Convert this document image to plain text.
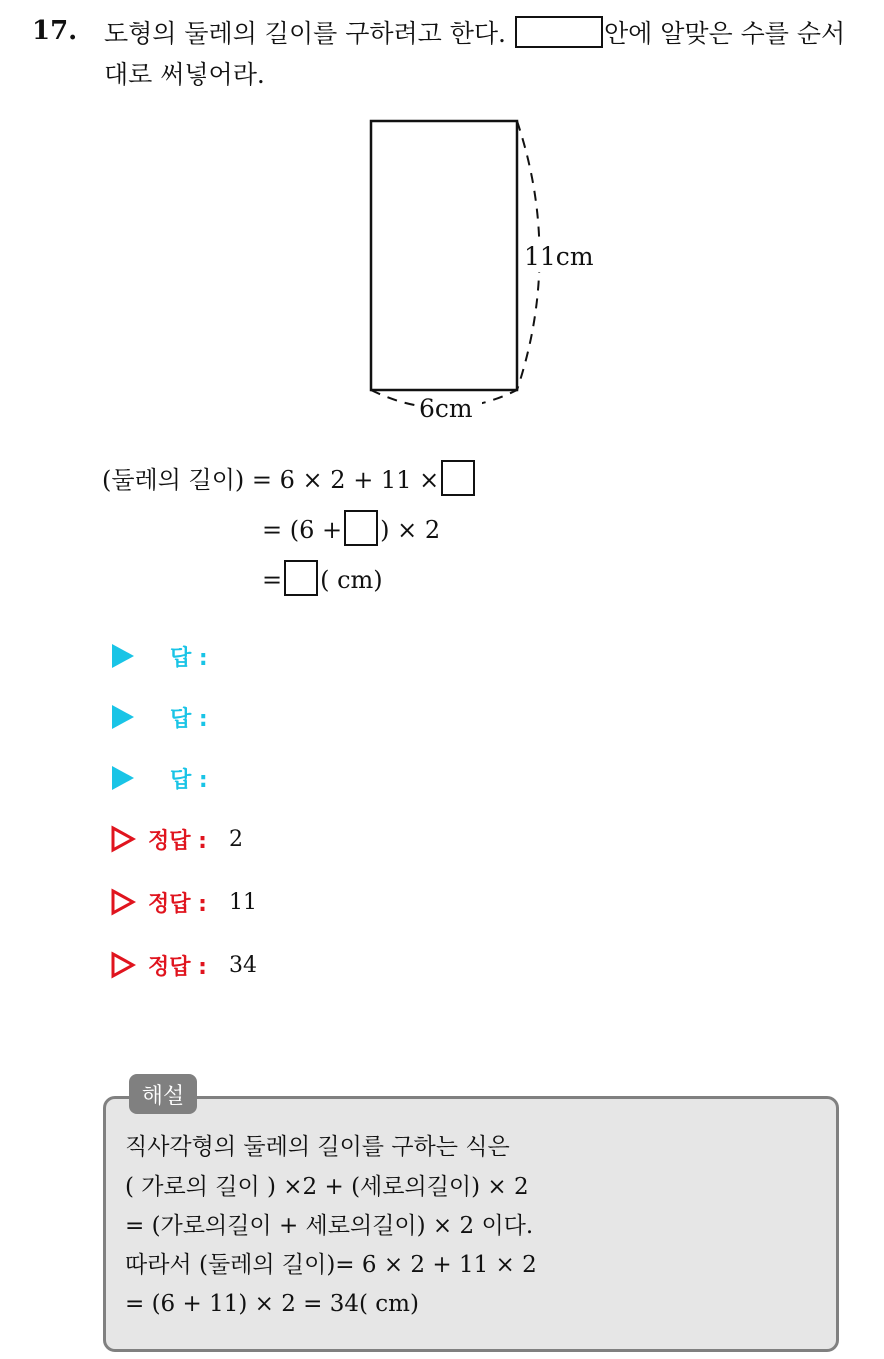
17. 도형의 둘레의 길이를 구하려고 한다.	안에 알맞은 수를 순서
대로 써넣어라.
11cm
6cm
(둘레의 길이) = 6 × 2 + 11 ×
= (6 + ) × 2
= ( cm)
답 :
답 :
답 :
정답 : 2
정답 : 11
정답 : 34
해설
직사각형의 둘레의 길이를 구하는 식은
( 가로의 길이 ) ×2 + (세로의길이) × 2
= (가로의길이 + 세로의길이) × 2 이다.
따라서 (둘레의 길이)= 6 × 2 + 11 × 2
= (6 + 11) × 2 = 34( cm)
